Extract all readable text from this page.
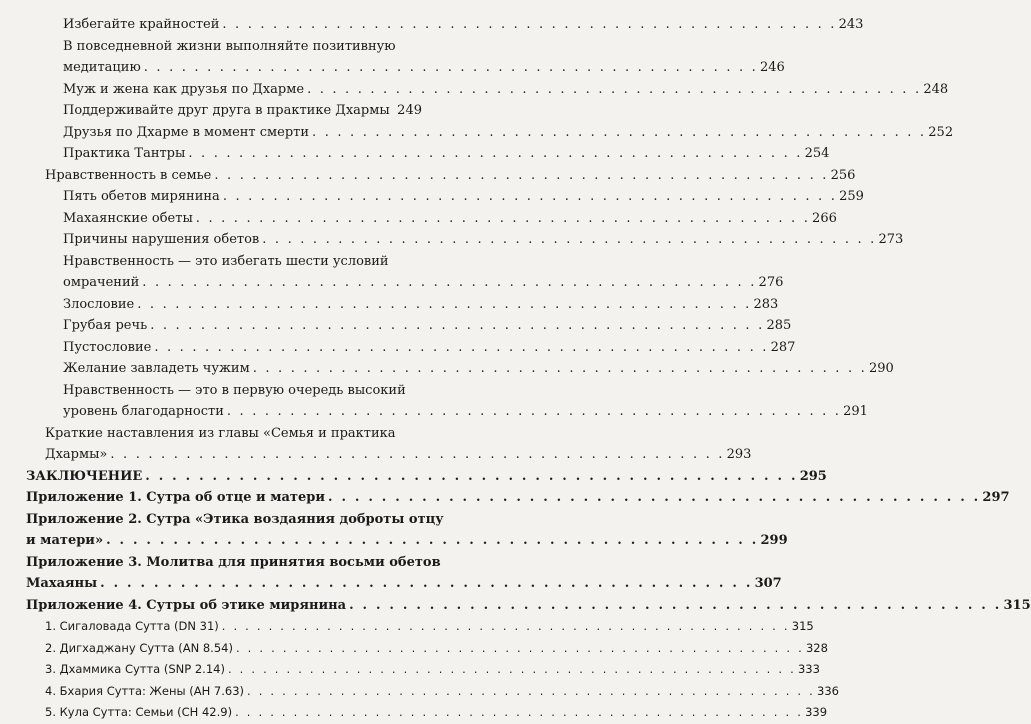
Избегайте крайностей . . . . . . . . . . . . . . . . . . . . . . . . . . . . . . . . . . . . . . . . . . . . . . . . . 243
В повседневной жизни выполняйте позитивную
медитацию . . . . . . . . . . . . . . . . . . . . . . . . . . . . . . . . . . . . . . . . . . . . . . . . . 246
Муж и жена как друзья по Дхарме . . . . . . . . . . . . . . . . . . . . . . . . . . . . . . . . . . . . . . . . . . . . . . . . . 248
Поддерживайте друг друга в практике Дхармы 249
Друзья по Дхарме в момент смерти . . . . . . . . . . . . . . . . . . . . . . . . . . . . . . . . . . . . . . . . . . . . . . . . . 252
Практика Тантры . . . . . . . . . . . . . . . . . . . . . . . . . . . . . . . . . . . . . . . . . . . . . . . . . 254
Нравственность в семье . . . . . . . . . . . . . . . . . . . . . . . . . . . . . . . . . . . . . . . . . . . . . . . . . 256
Пять обетов мирянина . . . . . . . . . . . . . . . . . . . . . . . . . . . . . . . . . . . . . . . . . . . . . . . . . 259
Махаянские обеты . . . . . . . . . . . . . . . . . . . . . . . . . . . . . . . . . . . . . . . . . . . . . . . . . 266
Причины нарушения обетов . . . . . . . . . . . . . . . . . . . . . . . . . . . . . . . . . . . . . . . . . . . . . . . . . 273
Нравственность — это избегать шести условий
омрачений . . . . . . . . . . . . . . . . . . . . . . . . . . . . . . . . . . . . . . . . . . . . . . . . . 276
Злословие . . . . . . . . . . . . . . . . . . . . . . . . . . . . . . . . . . . . . . . . . . . . . . . . . 283
Грубая речь . . . . . . . . . . . . . . . . . . . . . . . . . . . . . . . . . . . . . . . . . . . . . . . . . 285
Пустословие . . . . . . . . . . . . . . . . . . . . . . . . . . . . . . . . . . . . . . . . . . . . . . . . . 287
Желание завладеть чужим . . . . . . . . . . . . . . . . . . . . . . . . . . . . . . . . . . . . . . . . . . . . . . . . . 290
Нравственность — это в первую очередь высокий
уровень благодарности . . . . . . . . . . . . . . . . . . . . . . . . . . . . . . . . . . . . . . . . . . . . . . . . . 291
Краткие наставления из главы «Семья и практика
Дхармы» . . . . . . . . . . . . . . . . . . . . . . . . . . . . . . . . . . . . . . . . . . . . . . . . . 293
ЗАКЛЮЧЕНИЕ . . . . . . . . . . . . . . . . . . . . . . . . . . . . . . . . . . . . . . . . . . . . . . . . . 295
Приложение 1. Сутра об отце и матери . . . . . . . . . . . . . . . . . . . . . . . . . . . . . . . . . . . . . . . . . . . . . . . . . 297
Приложение 2. Сутра «Этика воздаяния доброты отцу
и матери» . . . . . . . . . . . . . . . . . . . . . . . . . . . . . . . . . . . . . . . . . . . . . . . . . 299
Приложение 3. Молитва для принятия восьми обетов
Махаяны . . . . . . . . . . . . . . . . . . . . . . . . . . . . . . . . . . . . . . . . . . . . . . . . . 307
Приложение 4. Сутры об этике мирянина . . . . . . . . . . . . . . . . . . . . . . . . . . . . . . . . . . . . . . . . . . . . . . . . . 315
1. Сигаловада Сутта (DN 31) . . . . . . . . . . . . . . . . . . . . . . . . . . . . . . . . . . . . . . . . . . . . . . . . . 315
2. Дигхаджану Сутта (AN 8.54) . . . . . . . . . . . . . . . . . . . . . . . . . . . . . . . . . . . . . . . . . . . . . . . . . 328
3. Дхаммика Сутта (SNP 2.14) . . . . . . . . . . . . . . . . . . . . . . . . . . . . . . . . . . . . . . . . . . . . . . . . . 333
4. Бхария Сутта: Жены (AH 7.63) . . . . . . . . . . . . . . . . . . . . . . . . . . . . . . . . . . . . . . . . . . . . . . . . . 336
5. Кула Сутта: Семьи (CH 42.9) . . . . . . . . . . . . . . . . . . . . . . . . . . . . . . . . . . . . . . . . . . . . . . . . . 339
